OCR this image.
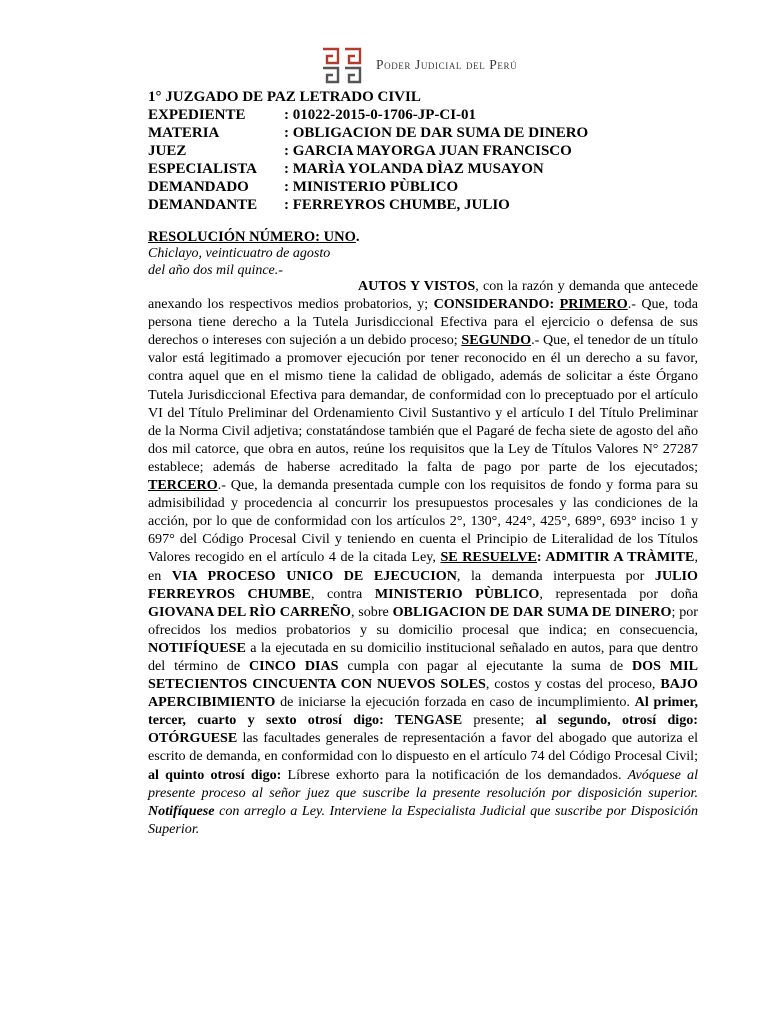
Poder Judicial del Perú
1° JUZGADO DE PAZ LETRADO CIVIL
EXPEDIENTE	: 01022-2015-0-1706-JP-CI-01
MATERIA	: OBLIGACION DE DAR SUMA DE DINERO
JUEZ	: GARCIA MAYORGA JUAN FRANCISCO
ESPECIALISTA	: MARÌA YOLANDA DÌAZ MUSAYON
DEMANDADO	: MINISTERIO PÙBLICO
DEMANDANTE	: FERREYROS CHUMBE, JULIO
RESOLUCIÓN NÚMERO: UNO.
Chiclayo, veinticuatro de agosto
del año dos mil quince.-
AUTOS Y VISTOS, con la razón y demanda que antecede anexando los respectivos medios probatorios, y; CONSIDERANDO: PRIMERO.- Que, toda persona tiene derecho a la Tutela Jurisdiccional Efectiva para el ejercicio o defensa de sus derechos o intereses con sujeción a un debido proceso; SEGUNDO.- Que, el tenedor de un título valor está legitimado a promover ejecución por tener reconocido en él un derecho a su favor, contra aquel que en el mismo tiene la calidad de obligado, además de solicitar a éste Órgano Tutela Jurisdiccional Efectiva para demandar, de conformidad con lo preceptuado por el artículo VI del Título Preliminar del Ordenamiento Civil Sustantivo y el artículo I del Título Preliminar de la Norma Civil adjetiva; constatándose también que el Pagaré de fecha siete de agosto del año dos mil catorce, que obra en autos, reúne los requisitos que la Ley de Títulos Valores N° 27287 establece; además de haberse acreditado la falta de pago por parte de los ejecutados; TERCERO.- Que, la demanda presentada cumple con los requisitos de fondo y forma para su admisibilidad y procedencia al concurrir los presupuestos procesales y las condiciones de la acción, por lo que de conformidad con los artículos 2°, 130°, 424°, 425°, 689°, 693° inciso 1 y 697° del Código Procesal Civil y teniendo en cuenta el Principio de Literalidad de los Títulos Valores recogido en el artículo 4 de la citada Ley, SE RESUELVE: ADMITIR A TRÀMITE, en VIA PROCESO UNICO DE EJECUCION, la demanda interpuesta por JULIO FERREYROS CHUMBE, contra MINISTERIO PÙBLICO, representada por doña GIOVANA DEL RÌO CARREÑO, sobre OBLIGACION DE DAR SUMA DE DINERO; por ofrecidos los medios probatorios y su domicilio procesal que indica; en consecuencia, NOTIFÍQUESE a la ejecutada en su domicilio institucional señalado en autos, para que dentro del término de CINCO DIAS cumpla con pagar al ejecutante la suma de DOS MIL SETECIENTOS CINCUENTA CON NUEVOS SOLES, costos y costas del proceso, BAJO APERCIBIMIENTO de iniciarse la ejecución forzada en caso de incumplimiento. Al primer, tercer, cuarto y sexto otrosí digo: TENGASE presente; al segundo, otrosí digo: OTÓRGUESE las facultades generales de representación a favor del abogado que autoriza el escrito de demanda, en conformidad con lo dispuesto en el artículo 74 del Código Procesal Civil; al quinto otrosí digo: Líbrese exhorto para la notificación de los demandados. Avóquese al presente proceso al señor juez que suscribe la presente resolución por disposición superior. Notifíquese con arreglo a Ley. Interviene la Especialista Judicial que suscribe por Disposición Superior.
